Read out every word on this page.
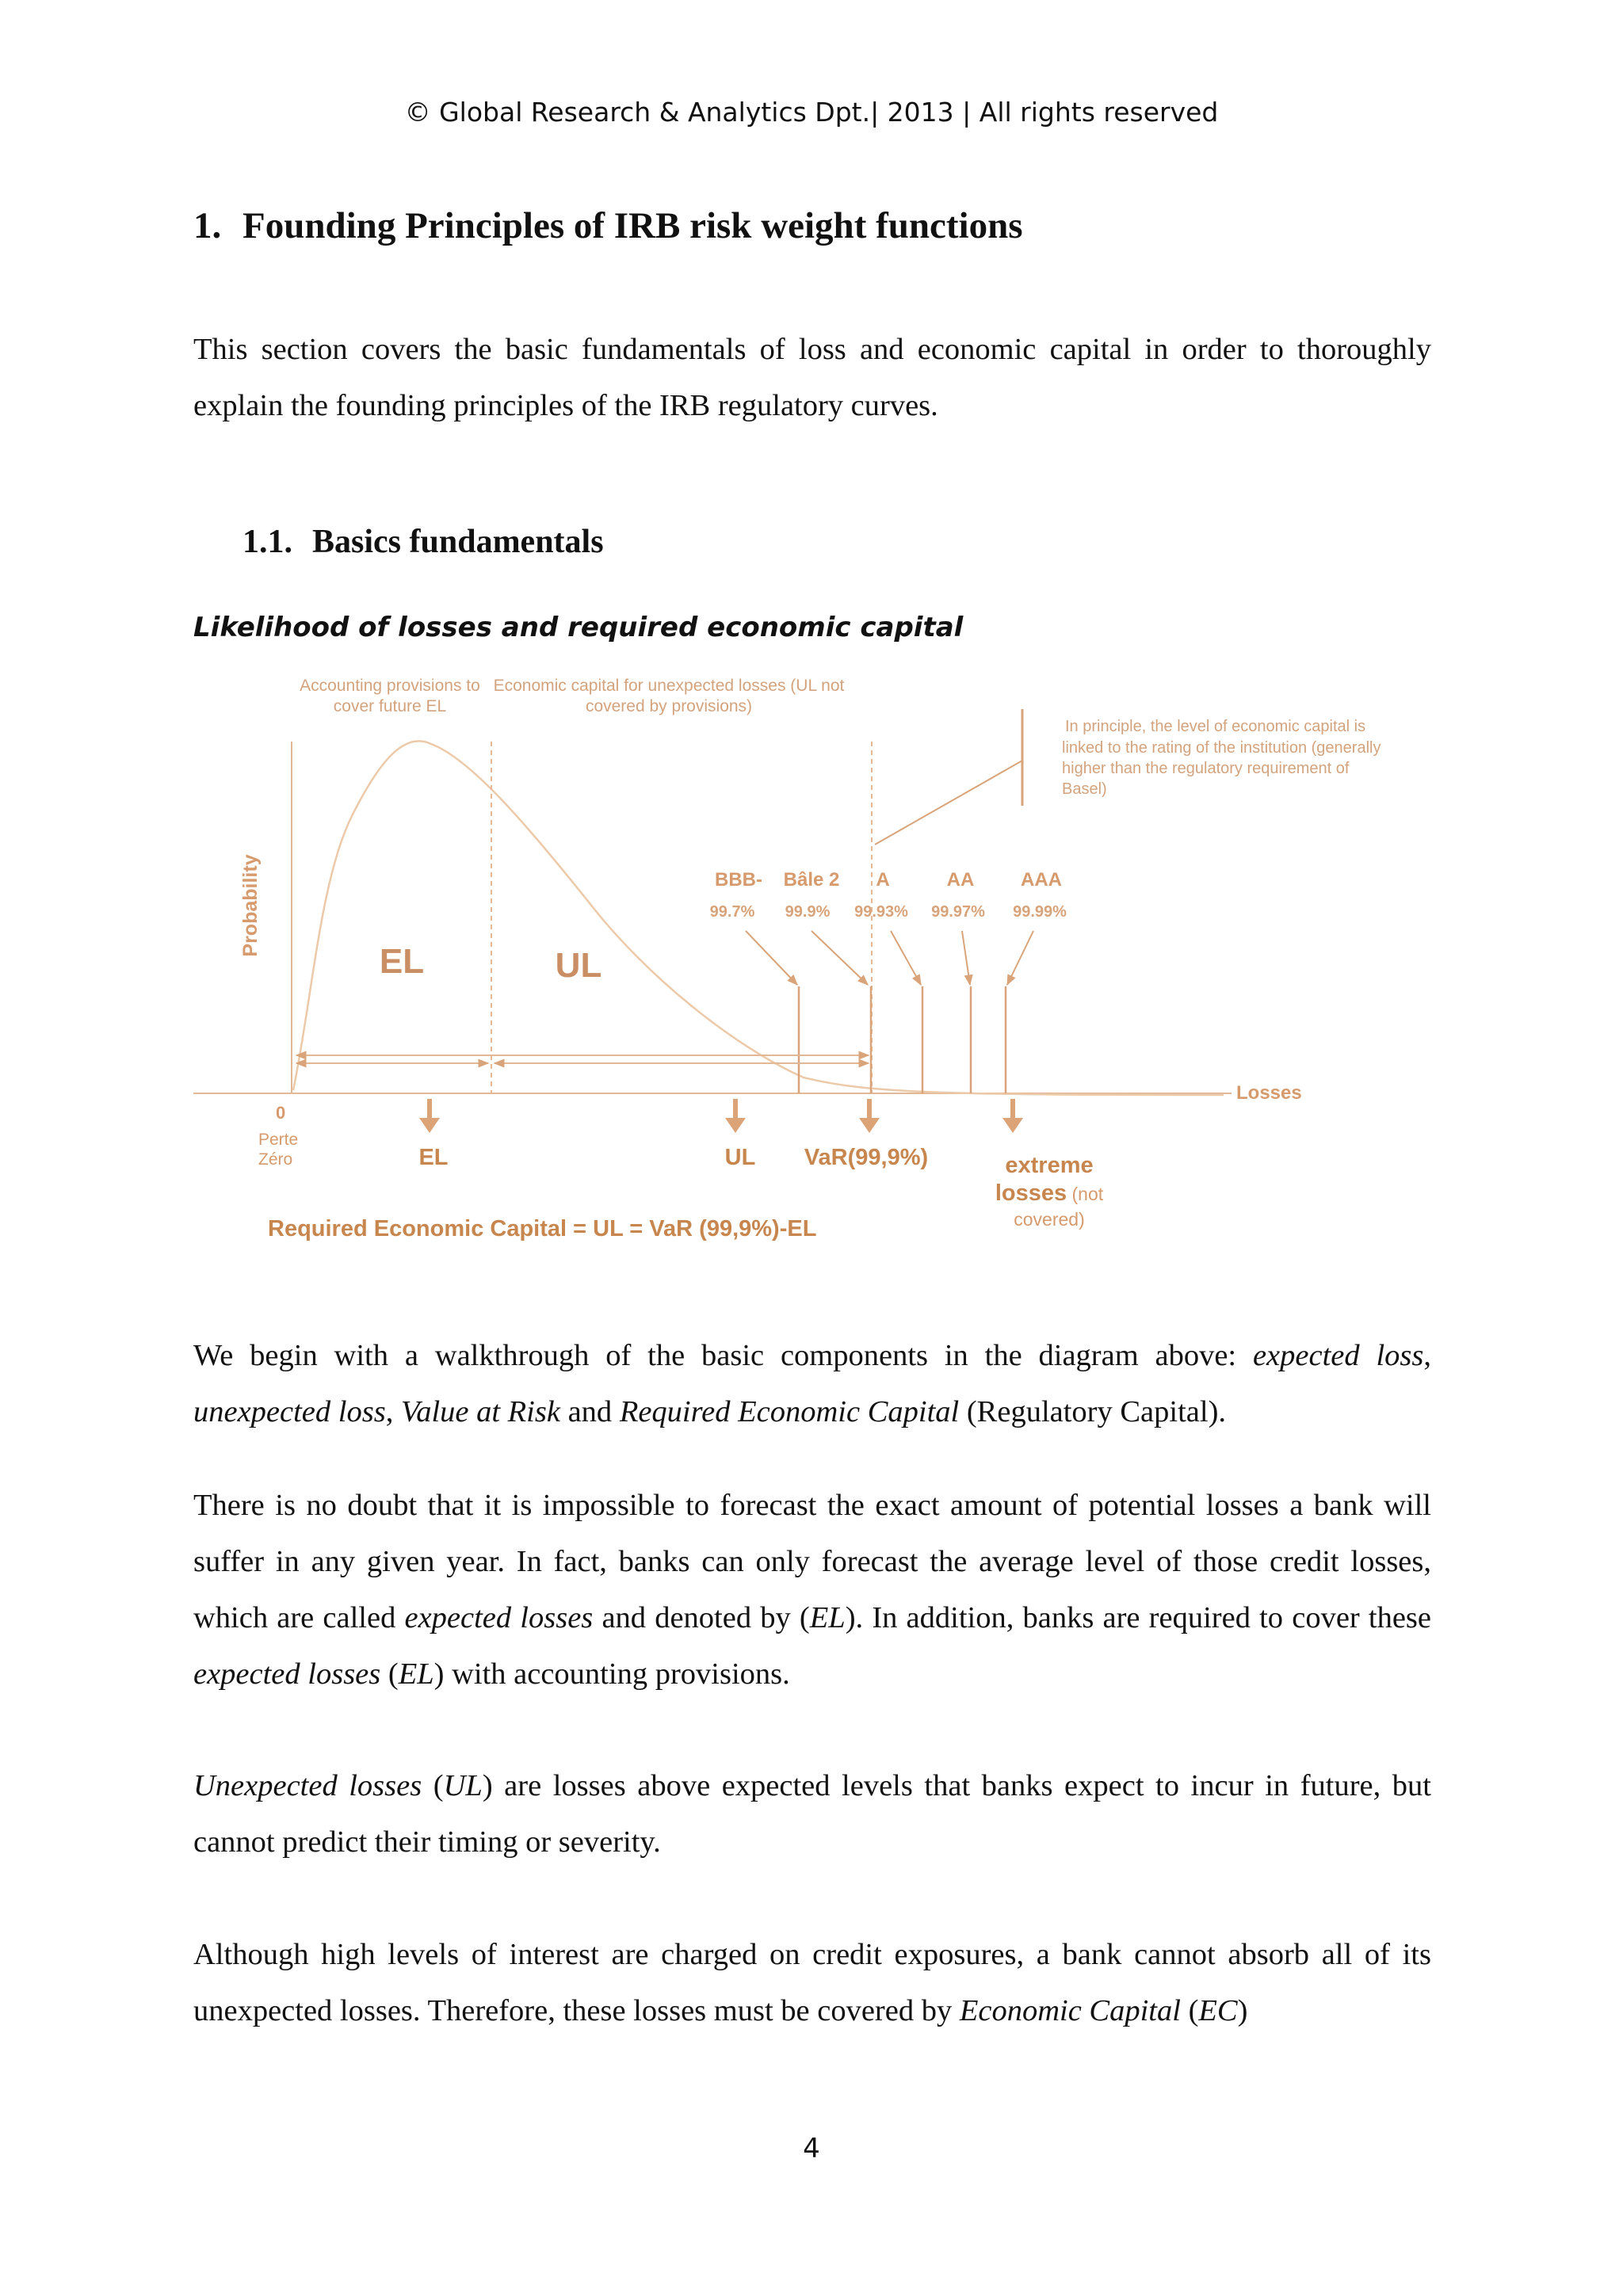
© Global Research & Analytics Dpt.| 2013 | All rights reserved
1. Founding Principles of IRB risk weight functions
This section covers the basic fundamentals of loss and economic capital in order to thoroughly explain the founding principles of the IRB regulatory curves.
1.1. Basics fundamentals
Likelihood of losses and required economic capital
Accounting provisions to
cover future EL
Economic capital for unexpected losses (UL not
covered by provisions)
In principle, the level of economic capital is
linked to the rating of the institution (generally
higher than the regulatory requirement of
Basel)
Probability
Losses
EL	UL
BBB- Bâle 2 A	AA AAA
99.7% 99.9% 99.93% 99.97% 99.99%
0
Perte
Zéro	EL	UL VaR(99,9%)	extreme
losses (not
covered)
Required Economic Capital = UL = VaR (99,9%)-EL
We begin with a walkthrough of the basic components in the diagram above: expected loss, unexpected loss, Value at Risk and Required Economic Capital (Regulatory Capital).
There is no doubt that it is impossible to forecast the exact amount of potential losses a bank will suffer in any given year. In fact, banks can only forecast the average level of those credit losses, which are called expected losses and denoted by (EL). In addition, banks are required to cover these expected losses (EL) with accounting provisions.
Unexpected losses (UL) are losses above expected levels that banks expect to incur in future, but cannot predict their timing or severity.
Although high levels of interest are charged on credit exposures, a bank cannot absorb all of its unexpected losses. Therefore, these losses must be covered by Economic Capital (EC)
4
